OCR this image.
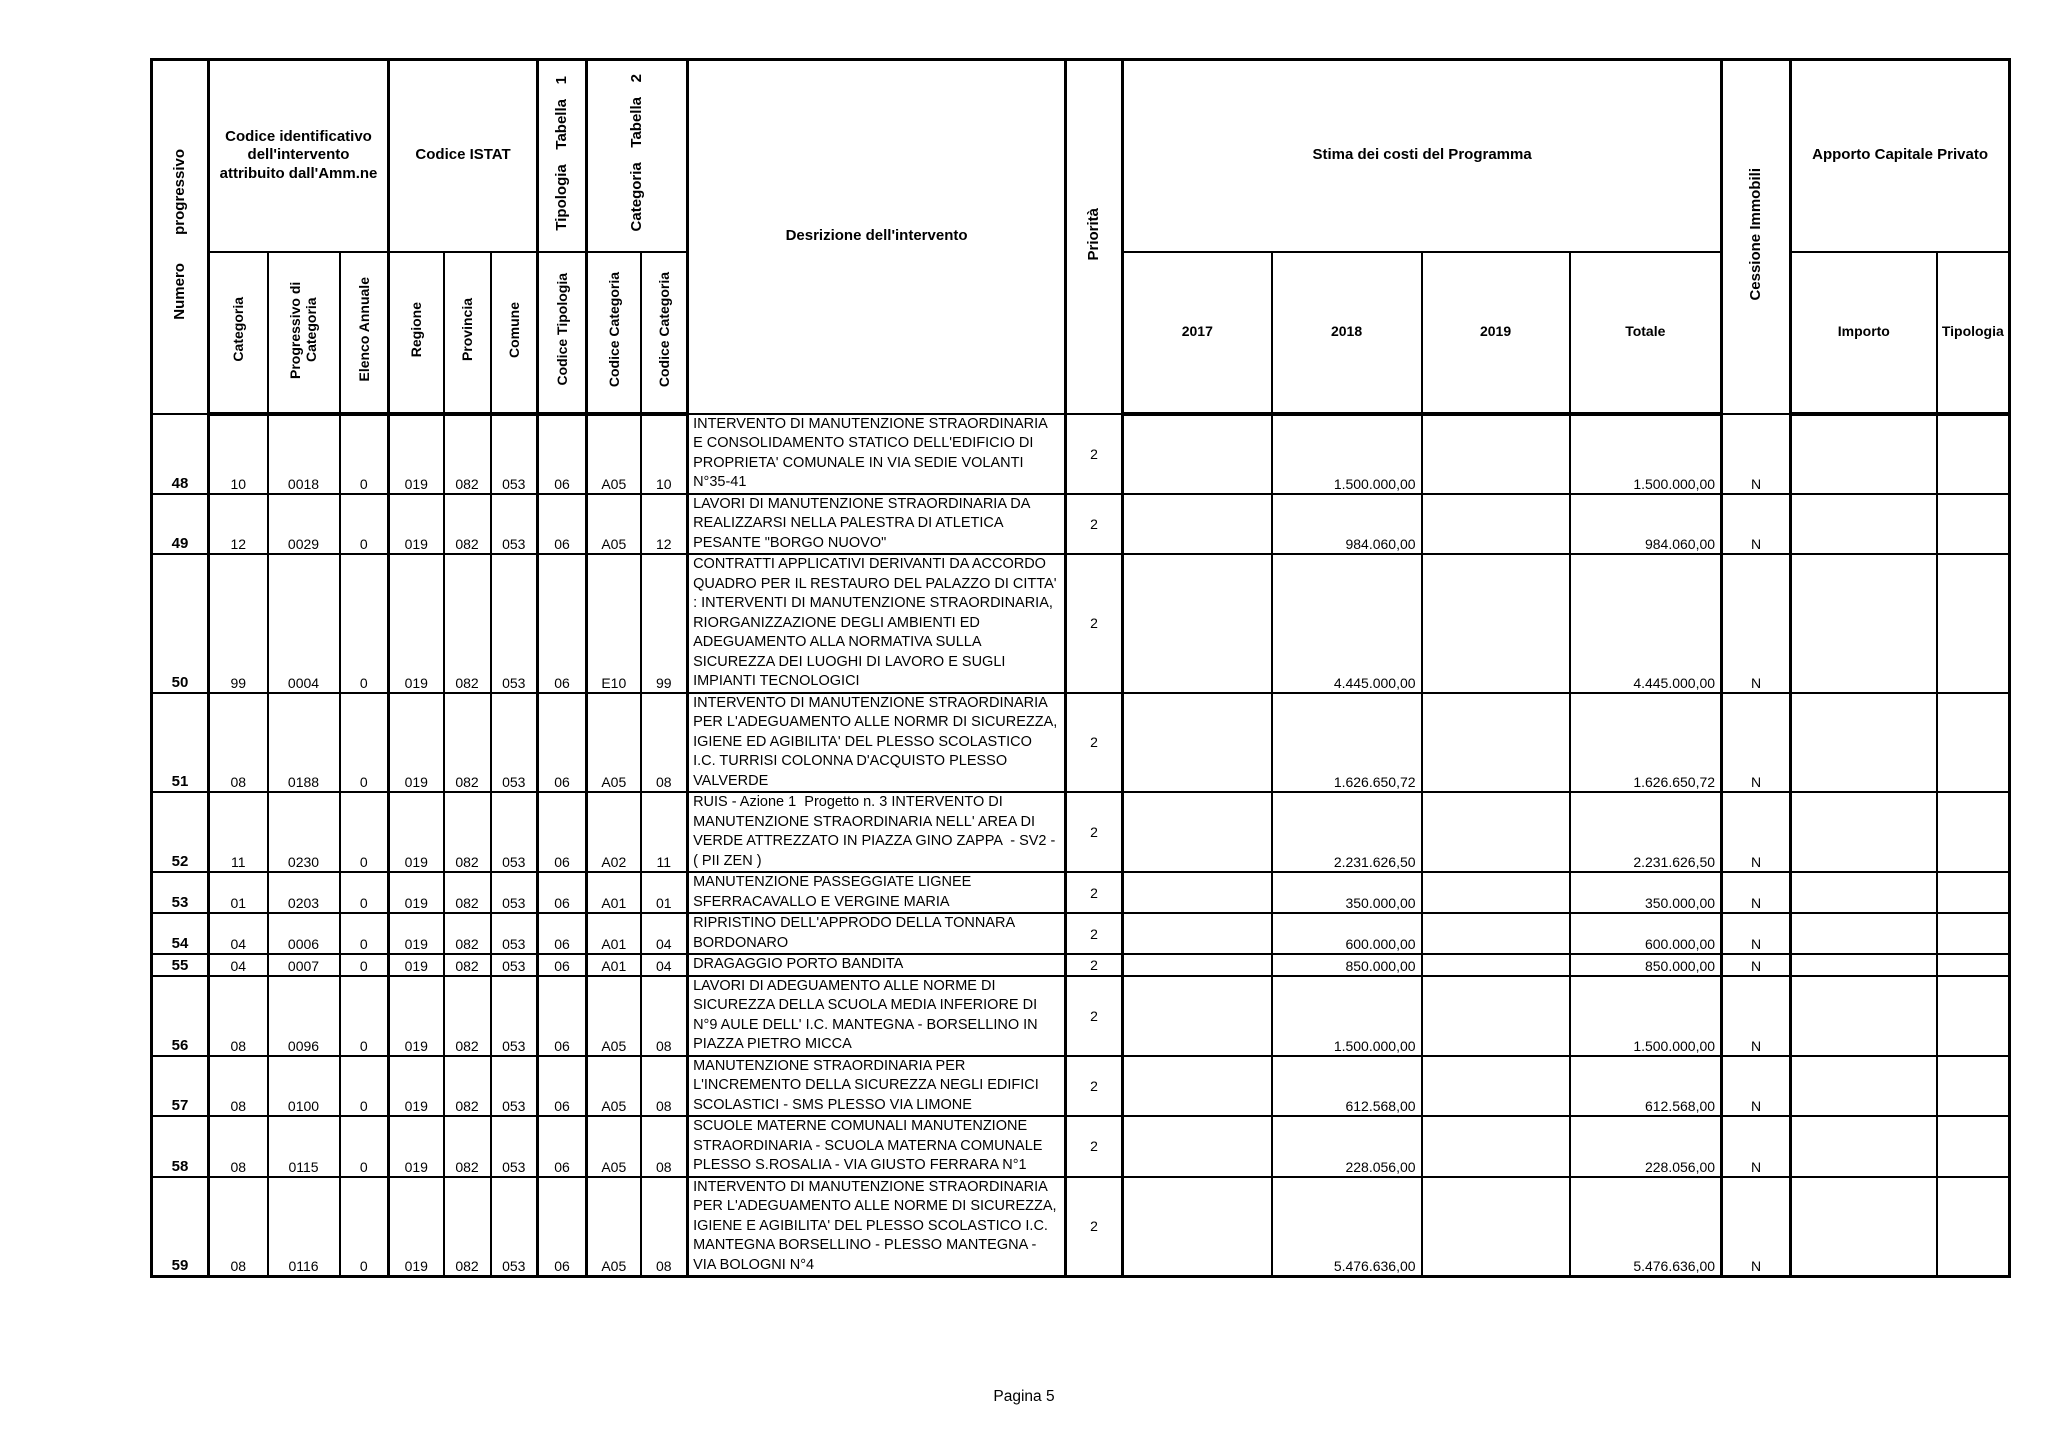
Numero progressivo	Codice identificativo dell'intervento attribuito dall'Amm.ne			Codice ISTAT			Tipologia Tabella 1	Categoria Tabella 2		Desrizione dell'intervento	Priorità	Stima dei costi del Programma				Cessione Immobili	Apporto Capitale Privato	

	Categoria	Progressivo di Categoria	Elenco Annuale	Regione	Provincia	Comune	Codice Tipologia	Codice Categoria	Codice Categoria			2017	2018	2019	Totale		Importo	Tipologia
48	10	0018	0	019	082	053	06	A05	10	INTERVENTO DI MANUTENZIONE STRAORDINARIA E CONSOLIDAMENTO STATICO DELL'EDIFICIO DI PROPRIETA' COMUNALE IN VIA SEDIE VOLANTI   N°35-41	2		1.500.000,00		1.500.000,00	N		
49	12	0029	0	019	082	053	06	A05	12	LAVORI DI MANUTENZIONE STRAORDINARIA DA REALIZZARSI NELLA PALESTRA DI ATLETICA PESANTE "BORGO NUOVO"	2		984.060,00		984.060,00	N		
50	99	0004	0	019	082	053	06	E10	99	CONTRATTI APPLICATIVI DERIVANTI DA ACCORDO QUADRO PER IL RESTAURO DEL PALAZZO DI CITTA' : INTERVENTI DI MANUTENZIONE STRAORDINARIA, RIORGANIZZAZIONE DEGLI AMBIENTI ED ADEGUAMENTO ALLA NORMATIVA SULLA SICUREZZA DEI LUOGHI DI LAVORO E SUGLI IMPIANTI TECNOLOGICI	2		4.445.000,00		4.445.000,00	N		
51	08	0188	0	019	082	053	06	A05	08	INTERVENTO DI MANUTENZIONE STRAORDINARIA PER L'ADEGUAMENTO ALLE NORMR DI SICUREZZA, IGIENE ED AGIBILITA' DEL PLESSO SCOLASTICO  I.C. TURRISI COLONNA D'ACQUISTO PLESSO VALVERDE	2		1.626.650,72		1.626.650,72	N		
52	11	0230	0	019	082	053	06	A02	11	RUIS - Azione 1  Progetto n. 3 INTERVENTO DI MANUTENZIONE STRAORDINARIA NELL' AREA DI VERDE ATTREZZATO IN PIAZZA GINO ZAPPA  - SV2 - ( PII ZEN )	2		2.231.626,50		2.231.626,50	N		
53	01	0203	0	019	082	053	06	A01	01	MANUTENZIONE PASSEGGIATE LIGNEE SFERRACAVALLO E VERGINE MARIA	2		350.000,00		350.000,00	N		
54	04	0006	0	019	082	053	06	A01	04	RIPRISTINO DELL'APPRODO DELLA TONNARA BORDONARO	2		600.000,00		600.000,00	N		
55	04	0007	0	019	082	053	06	A01	04	DRAGAGGIO PORTO BANDITA	2		850.000,00		850.000,00	N		
56	08	0096	0	019	082	053	06	A05	08	LAVORI DI ADEGUAMENTO ALLE NORME DI SICUREZZA DELLA SCUOLA MEDIA INFERIORE DI N°9 AULE DELL' I.C. MANTEGNA - BORSELLINO IN PIAZZA PIETRO MICCA	2		1.500.000,00		1.500.000,00	N		
57	08	0100	0	019	082	053	06	A05	08	MANUTENZIONE STRAORDINARIA PER L'INCREMENTO DELLA SICUREZZA NEGLI EDIFICI SCOLASTICI - SMS PLESSO VIA LIMONE	2		612.568,00		612.568,00	N		
58	08	0115	0	019	082	053	06	A05	08	SCUOLE MATERNE COMUNALI MANUTENZIONE STRAORDINARIA - SCUOLA MATERNA COMUNALE PLESSO S.ROSALIA - VIA GIUSTO FERRARA N°1	2		228.056,00		228.056,00	N		
59	08	0116	0	019	082	053	06	A05	08	INTERVENTO DI MANUTENZIONE STRAORDINARIA PER L'ADEGUAMENTO ALLE NORME DI SICUREZZA, IGIENE E AGIBILITA' DEL PLESSO SCOLASTICO I.C. MANTEGNA BORSELLINO - PLESSO MANTEGNA - VIA BOLOGNI N°4	2		5.476.636,00		5.476.636,00	N		
Pagina 5
